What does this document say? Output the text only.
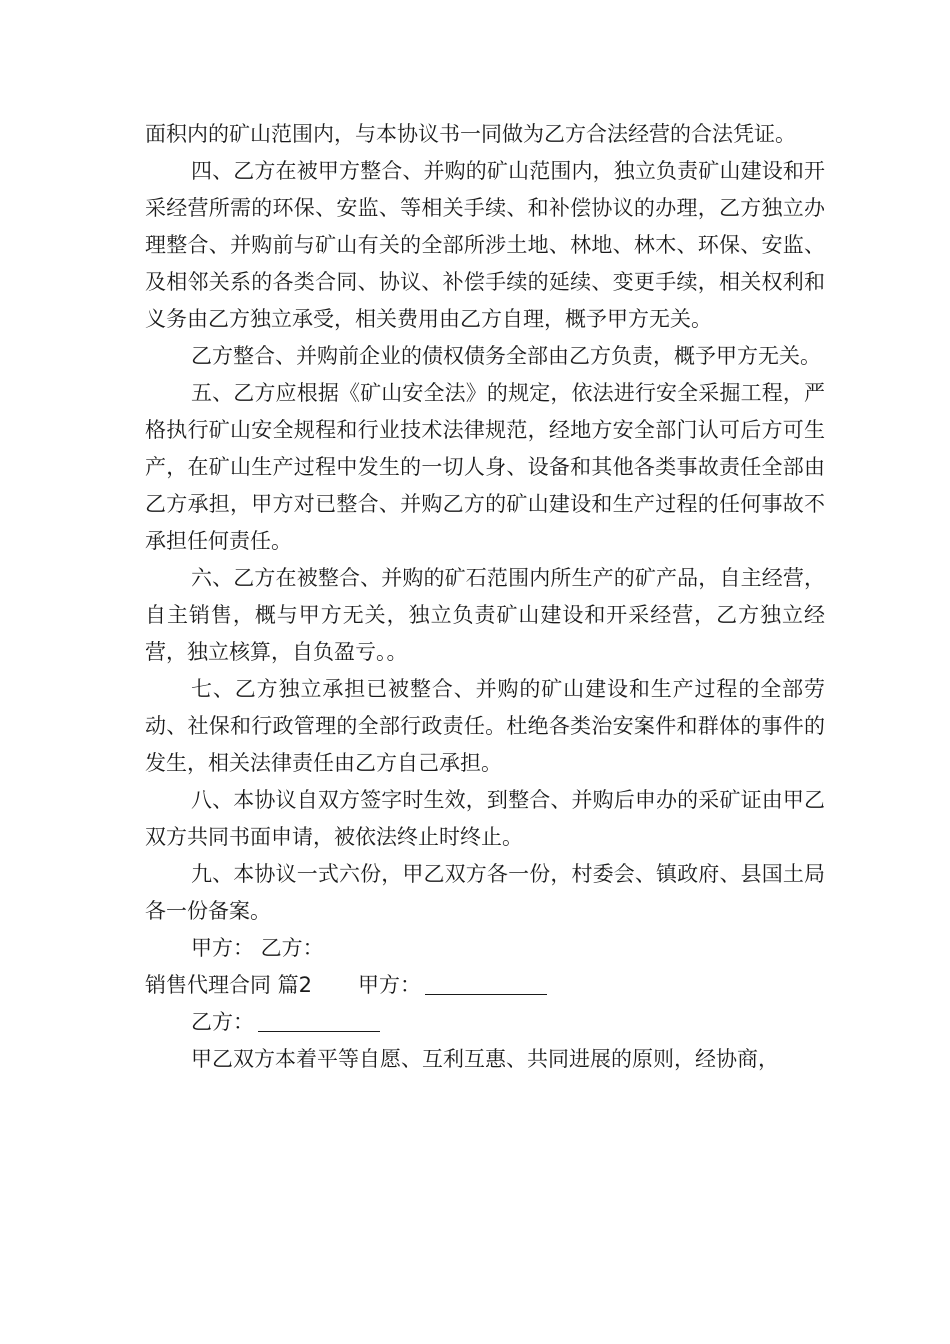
面积内的矿山范围内，与本协议书一同做为乙方合法经营的合法凭证。

四、乙方在被甲方整合、并购的矿山范围内，独立负责矿山建设和开采经营所需的环保、安监、等相关手续、和补偿协议的办理，乙方独立办理整合、并购前与矿山有关的全部所涉土地、林地、林木、环保、安监、及相邻关系的各类合同、协议、补偿手续的延续、变更手续，相关权利和义务由乙方独立承受，相关费用由乙方自理，概予甲方无关。

乙方整合、并购前企业的债权债务全部由乙方负责，概予甲方无关。

五、乙方应根据《矿山安全法》的规定，依法进行安全采掘工程，严格执行矿山安全规程和行业技术法律规范，经地方安全部门认可后方可生产，在矿山生产过程中发生的一切人身、设备和其他各类事故责任全部由乙方承担，甲方对已整合、并购乙方的矿山建设和生产过程的任何事故不承担任何责任。

六、乙方在被整合、并购的矿石范围内所生产的矿产品，自主经营，自主销售，概与甲方无关，独立负责矿山建设和开采经营，乙方独立经营，独立核算，自负盈亏。。

七、乙方独立承担已被整合、并购的矿山建设和生产过程的全部劳动、社保和行政管理的全部行政责任。杜绝各类治安案件和群体的事件的发生，相关法律责任由乙方自己承担。

八、本协议自双方签字时生效，到整合、并购后申办的采矿证由甲乙双方共同书面申请，被依法终止时终止。

九、本协议一式六份，甲乙双方各一份，村委会、镇政府、县国土局各一份备案。

甲方： 乙方：

销售代理合同 篇2 甲方：

乙方：

甲乙双方本着平等自愿、互利互惠、共同进展的原则，经协商，
